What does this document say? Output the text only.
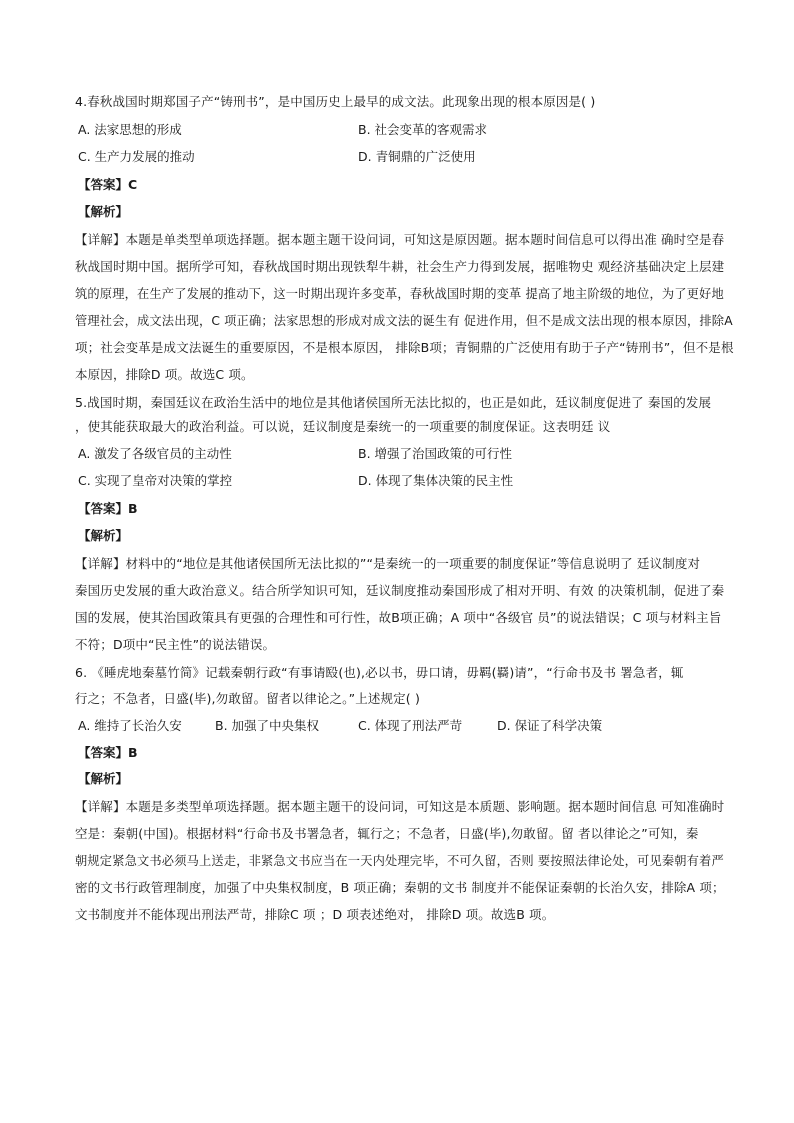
4.春秋战国时期郑国子产“铸刑书”，是中国历史上最早的成文法。此现象出现的根本原因是( )
A. 法家思想的形成	B. 社会变革的客观需求
C. 生产力发展的推动	D. 青铜鼎的广泛使用
【答案】C
【解析】
【详解】本题是单类型单项选择题。据本题主题干设问词，可知这是原因题。据本题时间信息可以得出准 确时空是春
秋战国时期中国。据所学可知，春秋战国时期出现铁犁牛耕，社会生产力得到发展，据唯物史 观经济基础决定上层建
筑的原理，在生产了发展的推动下，这一时期出现许多变革，春秋战国时期的变革 提高了地主阶级的地位，为了更好地
管理社会，成文法出现，C 项正确；法家思想的形成对成文法的诞生有 促进作用，但不是成文法出现的根本原因，排除A
项；社会变革是成文法诞生的重要原因，不是根本原因， 排除B项；青铜鼎的广泛使用有助于子产“铸刑书”，但不是根
本原因，排除D 项。故选C 项。
5.战国时期，秦国廷议在政治生活中的地位是其他诸侯国所无法比拟的，也正是如此，廷议制度促进了 秦国的发展
，使其能获取最大的政治利益。可以说，廷议制度是秦统一的一项重要的制度保证。这表明廷 议
A. 激发了各级官员的主动性	B. 增强了治国政策的可行性
C. 实现了皇帝对决策的掌控	D. 体现了集体决策的民主性
【答案】B
【解析】
【详解】材料中的“地位是其他诸侯国所无法比拟的”“是秦统一的一项重要的制度保证”等信息说明了 廷议制度对
秦国历史发展的重大政治意义。结合所学知识可知，廷议制度推动秦国形成了相对开明、有效 的决策机制，促进了秦
国的发展，使其治国政策具有更强的合理性和可行性，故B项正确；A 项中“各级官 员”的说法错误；C 项与材料主旨
不符；D项中“民主性”的说法错误。
6. 《睡虎地秦墓竹简》记载秦朝行政“有事请殹(也),必以书，毋口请，毋羁(羇)请”，“行命书及书 署急者，辄
行之；不急者，日盛(毕),勿敢留。留者以律论之。”上述规定( )
A. 维持了长治久安	B. 加强了中央集权	C. 体现了刑法严苛	D. 保证了科学决策
【答案】B
【解析】
【详解】本题是多类型单项选择题。据本题主题干的设问词，可知这是本质题、影响题。据本题时间信息 可知准确时
空是：秦朝(中国)。根据材料“行命书及书署急者，辄行之；不急者，日盛(毕),勿敢留。留 者以律论之”可知，秦
朝规定紧急文书必须马上送走，非紧急文书应当在一天内处理完毕，不可久留，否则 要按照法律论处，可见秦朝有着严
密的文书行政管理制度，加强了中央集权制度，B 项正确；秦朝的文书 制度并不能保证秦朝的长治久安，排除A 项；
文书制度并不能体现出刑法严苛，排除C 项 ；D 项表述绝对， 排除D 项。故选B 项。
